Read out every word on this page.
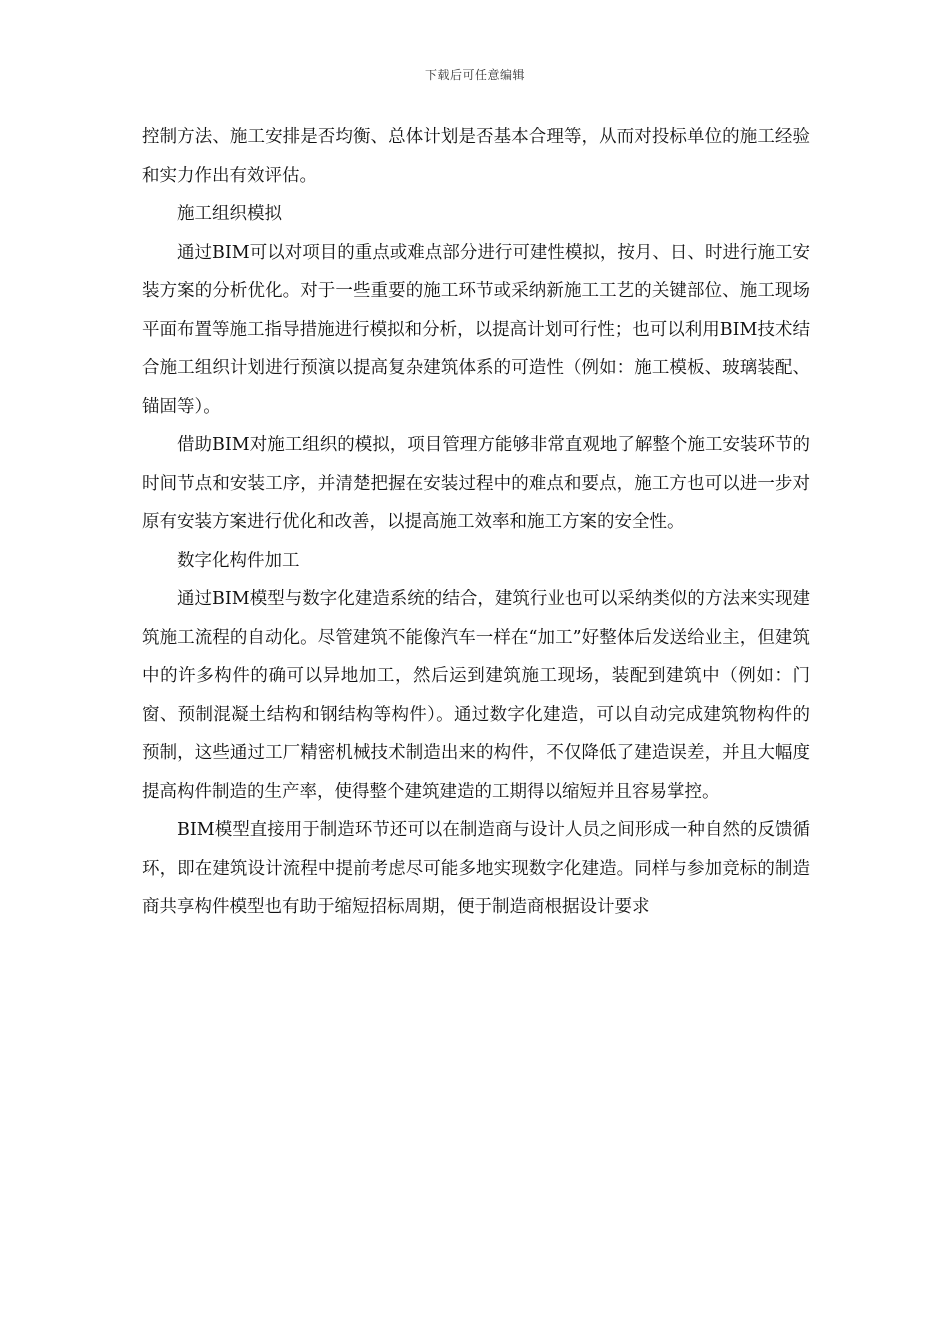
下载后可任意编辑

控制方法、施工安排是否均衡、总体计划是否基本合理等，从而对投标单位的施工经验和实力作出有效评估。

施工组织模拟

通过BIM可以对项目的重点或难点部分进行可建性模拟，按月、日、时进行施工安装方案的分析优化。对于一些重要的施工环节或采纳新施工工艺的关键部位、施工现场平面布置等施工指导措施进行模拟和分析，以提高计划可行性；也可以利用BIM技术结合施工组织计划进行预演以提高复杂建筑体系的可造性（例如：施工模板、玻璃装配、锚固等）。

借助BIM对施工组织的模拟，项目管理方能够非常直观地了解整个施工安装环节的时间节点和安装工序，并清楚把握在安装过程中的难点和要点，施工方也可以进一步对原有安装方案进行优化和改善，以提高施工效率和施工方案的安全性。

数字化构件加工

通过BIM模型与数字化建造系统的结合，建筑行业也可以采纳类似的方法来实现建筑施工流程的自动化。尽管建筑不能像汽车一样在“加工”好整体后发送给业主，但建筑中的许多构件的确可以异地加工，然后运到建筑施工现场，装配到建筑中（例如：门窗、预制混凝土结构和钢结构等构件）。通过数字化建造，可以自动完成建筑物构件的预制，这些通过工厂精密机械技术制造出来的构件，不仅降低了建造误差，并且大幅度提高构件制造的生产率，使得整个建筑建造的工期得以缩短并且容易掌控。

BIM模型直接用于制造环节还可以在制造商与设计人员之间形成一种自然的反馈循环，即在建筑设计流程中提前考虑尽可能多地实现数字化建造。同样与参加竞标的制造商共享构件模型也有助于缩短招标周期，便于制造商根据设计要求
